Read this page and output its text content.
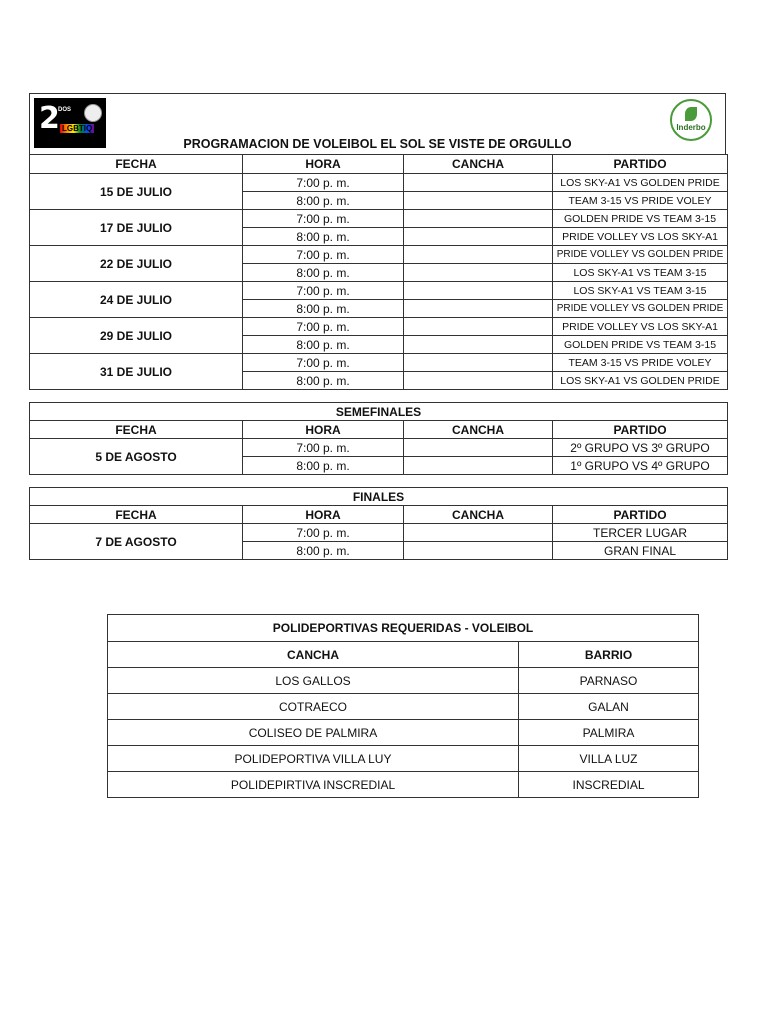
2
DOS
LGBTIQ
PROGRAMACION DE VOLEIBOL EL SOL SE VISTE DE ORGULLO
Inderbo
FECHA	HORA	CANCHA	PARTIDO
15 DE JULIO	7:00 p. m.		LOS SKY-A1 VS GOLDEN PRIDE
	8:00 p. m.		TEAM 3-15 VS PRIDE VOLEY
17 DE JULIO	7:00 p. m.		GOLDEN PRIDE VS TEAM 3-15
	8:00 p. m.		PRIDE VOLLEY VS LOS SKY-A1
22 DE JULIO	7:00 p. m.		PRIDE VOLLEY VS GOLDEN PRIDE
	8:00 p. m.		LOS SKY-A1 VS TEAM 3-15
24 DE JULIO	7:00 p. m.		LOS SKY-A1 VS TEAM 3-15
	8:00 p. m.		PRIDE VOLLEY VS GOLDEN PRIDE
29 DE JULIO	7:00 p. m.		PRIDE VOLLEY VS LOS SKY-A1
	8:00 p. m.		GOLDEN PRIDE VS TEAM 3-15
31 DE JULIO	7:00 p. m.		TEAM 3-15 VS PRIDE VOLEY
	8:00 p. m.		LOS SKY-A1 VS GOLDEN PRIDE
SEMEFINALES			
FECHA	HORA	CANCHA	PARTIDO
5 DE AGOSTO	7:00 p. m.		2º GRUPO VS 3º GRUPO
	8:00 p. m.		1º GRUPO VS 4º GRUPO
FINALES			
FECHA	HORA	CANCHA	PARTIDO
7 DE AGOSTO	7:00 p. m.		TERCER LUGAR
	8:00 p. m.		GRAN FINAL
POLIDEPORTIVAS REQUERIDAS - VOLEIBOL	
CANCHA	BARRIO
LOS GALLOS	PARNASO
COTRAECO	GALAN
COLISEO DE PALMIRA	PALMIRA
POLIDEPORTIVA VILLA LUY	VILLA LUZ
POLIDEPIRTIVA INSCREDIAL	INSCREDIAL
